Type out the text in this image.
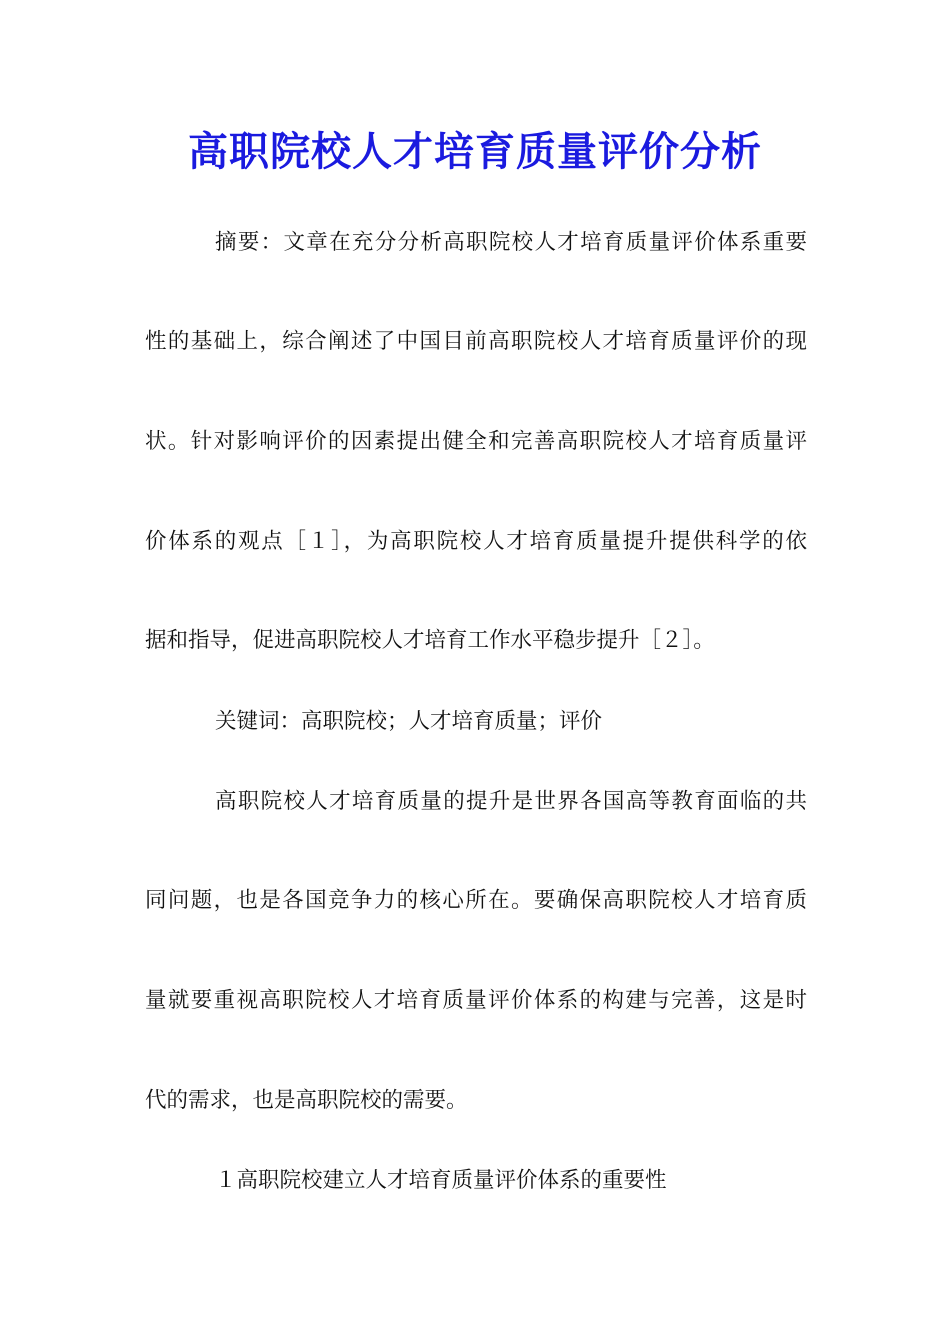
高职院校人才培育质量评价分析
摘要：文章在充分分析高职院校人才培育质量评价体系重要
性的基础上，综合阐述了中国目前高职院校人才培育质量评价的现
状。针对影响评价的因素提出健全和完善高职院校人才培育质量评
价体系的观点［１］，为高职院校人才培育质量提升提供科学的依
据和指导，促进高职院校人才培育工作水平稳步提升［２］。
关键词：高职院校；人才培育质量；评价
高职院校人才培育质量的提升是世界各国高等教育面临的共
同问题，也是各国竞争力的核心所在。要确保高职院校人才培育质
量就要重视高职院校人才培育质量评价体系的构建与完善，这是时
代的需求，也是高职院校的需要。
１高职院校建立人才培育质量评价体系的重要性
